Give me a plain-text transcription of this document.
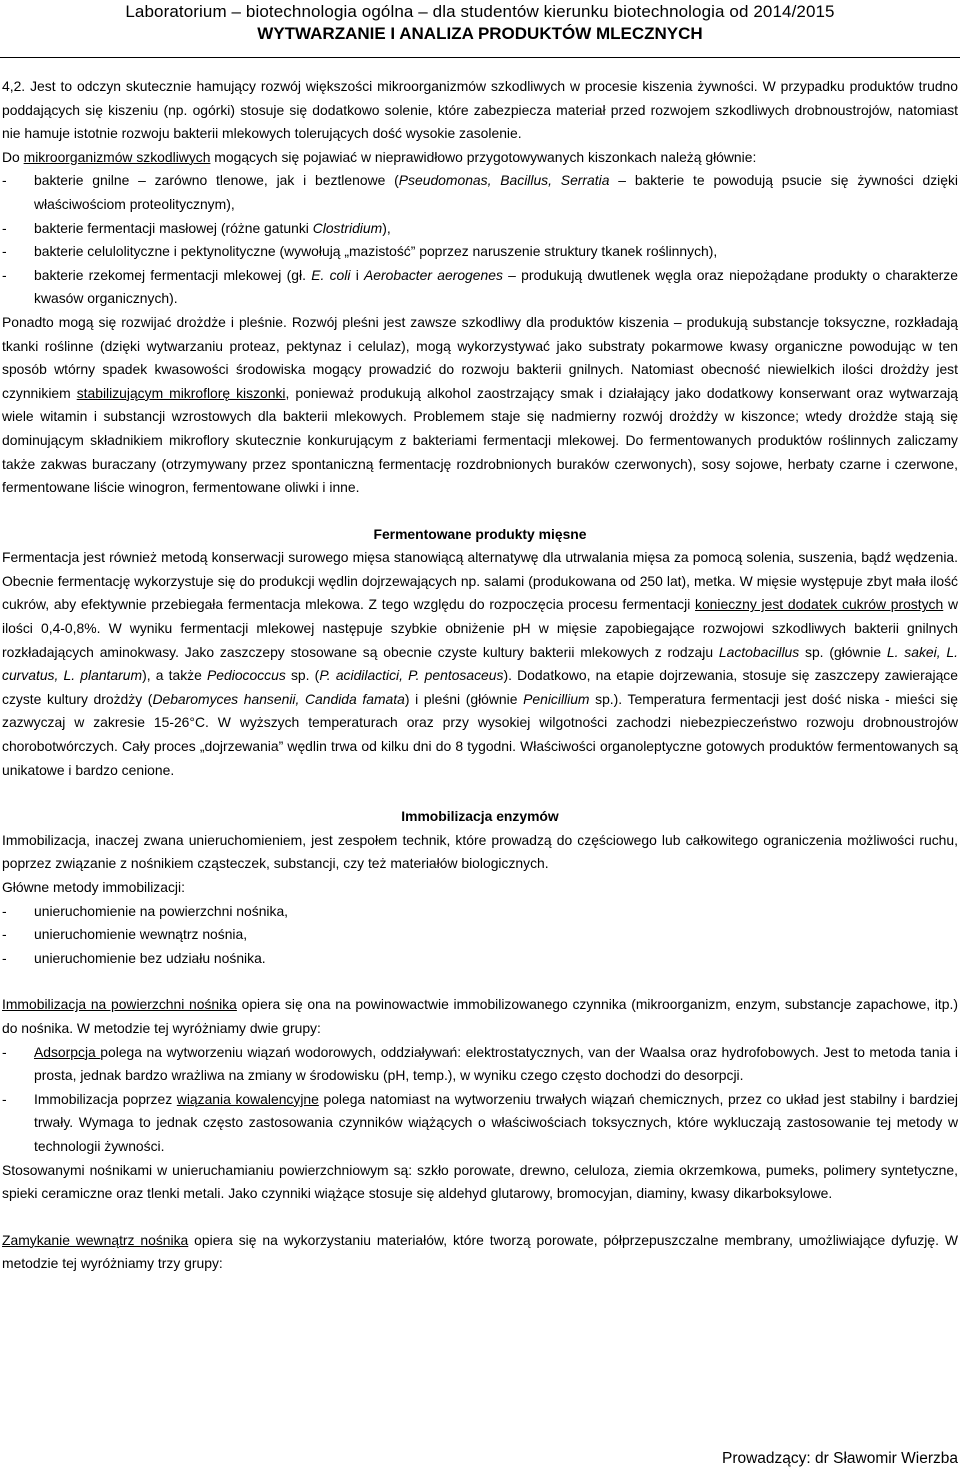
Laboratorium – biotechnologia ogólna – dla studentów kierunku biotechnologia od 2014/2015
WYTWARZANIE I ANALIZA PRODUKTÓW MLECZNYCH

4,2. Jest to odczyn skutecznie hamujący rozwój większości mikroorganizmów szkodliwych w procesie kiszenia żywności. W przypadku produktów trudno poddających się kiszeniu (np. ogórki) stosuje się dodatkowo solenie, które zabezpiecza materiał przed rozwojem szkodliwych drobnoustrojów, natomiast nie hamuje istotnie rozwoju bakterii mlekowych tolerujących dość wysokie zasolenie.

Do mikroorganizmów szkodliwych mogących się pojawiać w nieprawidłowo przygotowywanych kiszonkach należą głównie:

- bakterie gnilne – zarówno tlenowe, jak i beztlenowe (Pseudomonas, Bacillus, Serratia – bakterie te powodują psucie się żywności dzięki właściwościom proteolitycznym),
- bakterie fermentacji masłowej (różne gatunki Clostridium),
- bakterie celulolityczne i pektynolityczne (wywołują „mazistość” poprzez naruszenie struktury tkanek roślinnych),
- bakterie rzekomej fermentacji mlekowej (gł. E. coli i Aerobacter aerogenes – produkują dwutlenek węgla oraz niepożądane produkty o charakterze kwasów organicznych).

Ponadto mogą się rozwijać drożdże i pleśnie. Rozwój pleśni jest zawsze szkodliwy dla produktów kiszenia – produkują substancje toksyczne, rozkładają tkanki roślinne (dzięki wytwarzaniu proteaz, pektynaz i celulaz), mogą wykorzystywać jako substraty pokarmowe kwasy organiczne powodując w ten sposób wtórny spadek kwasowości środowiska mogący prowadzić do rozwoju bakterii gnilnych. Natomiast obecność niewielkich ilości drożdży jest czynnikiem stabilizującym mikroflorę kiszonki, ponieważ produkują alkohol zaostrzający smak i działający jako dodatkowy konserwant oraz wytwarzają wiele witamin i substancji wzrostowych dla bakterii mlekowych. Problemem staje się nadmierny rozwój drożdży w kiszonce; wtedy drożdże stają się dominującym składnikiem mikroflory skutecznie konkurującym z bakteriami fermentacji mlekowej. Do fermentowanych produktów roślinnych zaliczamy także zakwas buraczany (otrzymywany przez spontaniczną fermentację rozdrobnionych buraków czerwonych), sosy sojowe, herbaty czarne i czerwone, fermentowane liście winogron, fermentowane oliwki i inne.

Fermentowane produkty mięsne

Fermentacja jest również metodą konserwacji surowego mięsa stanowiącą alternatywę dla utrwalania mięsa za pomocą solenia, suszenia, bądź wędzenia. Obecnie fermentację wykorzystuje się do produkcji wędlin dojrzewających np. salami (produkowana od 250 lat), metka. W mięsie występuje zbyt mała ilość cukrów, aby efektywnie przebiegała fermentacja mlekowa. Z tego względu do rozpoczęcia procesu fermentacji konieczny jest dodatek cukrów prostych w ilości 0,4-0,8%. W wyniku fermentacji mlekowej następuje szybkie obniżenie pH w mięsie zapobiegające rozwojowi szkodliwych bakterii gnilnych rozkładających aminokwasy. Jako zaszczepy stosowane są obecnie czyste kultury bakterii mlekowych z rodzaju Lactobacillus sp. (głównie L. sakei, L. curvatus, L. plantarum), a także Pediococcus sp. (P. acidilactici, P. pentosaceus). Dodatkowo, na etapie dojrzewania, stosuje się zaszczepy zawierające czyste kultury drożdży (Debaromyces hansenii, Candida famata) i pleśni (głównie Penicillium sp.). Temperatura fermentacji jest dość niska - mieści się zazwyczaj w zakresie 15-26°C. W wyższych temperaturach oraz przy wysokiej wilgotności zachodzi niebezpieczeństwo rozwoju drobnoustrojów chorobotwórczych. Cały proces „dojrzewania” wędlin trwa od kilku dni do 8 tygodni. Właściwości organoleptyczne gotowych produktów fermentowanych są unikatowe i bardzo cenione.

Immobilizacja enzymów

Immobilizacja, inaczej zwana unieruchomieniem, jest zespołem technik, które prowadzą do częściowego lub całkowitego ograniczenia możliwości ruchu, poprzez związanie z nośnikiem cząsteczek, substancji, czy też materiałów biologicznych.

Główne metody immobilizacji:

- unieruchomienie na powierzchni nośnika,
- unieruchomienie wewnątrz nośnia,
- unieruchomienie bez udziału nośnika.

Immobilizacja na powierzchni nośnika opiera się ona na powinowactwie immobilizowanego czynnika (mikroorganizm, enzym, substancje zapachowe, itp.) do nośnika. W metodzie tej wyróżniamy dwie grupy:

- Adsorpcja polega na wytworzeniu wiązań wodorowych, oddziaływań: elektrostatycznych, van der Waalsa oraz hydrofobowych. Jest to metoda tania i prosta, jednak bardzo wrażliwa na zmiany w środowisku (pH, temp.), w wyniku czego często dochodzi do desorpcji.
- Immobilizacja poprzez wiązania kowalencyjne polega natomiast na wytworzeniu trwałych wiązań chemicznych, przez co układ jest stabilny i bardziej trwały. Wymaga to jednak często zastosowania czynników wiążących o właściwościach toksycznych, które wykluczają zastosowanie tej metody w technologii żywności.

Stosowanymi nośnikami w unieruchamianiu powierzchniowym są: szkło porowate, drewno, celuloza, ziemia okrzemkowa, pumeks, polimery syntetyczne, spieki ceramiczne oraz tlenki metali. Jako czynniki wiążące stosuje się aldehyd glutarowy, bromocyjan, diaminy, kwasy dikarboksylowe.

Zamykanie wewnątrz nośnika opiera się na wykorzystaniu materiałów, które tworzą porowate, półprzepuszczalne membrany, umożliwiające dyfuzję. W metodzie tej wyróżniamy trzy grupy:

Prowadzący: dr Sławomir Wierzba
